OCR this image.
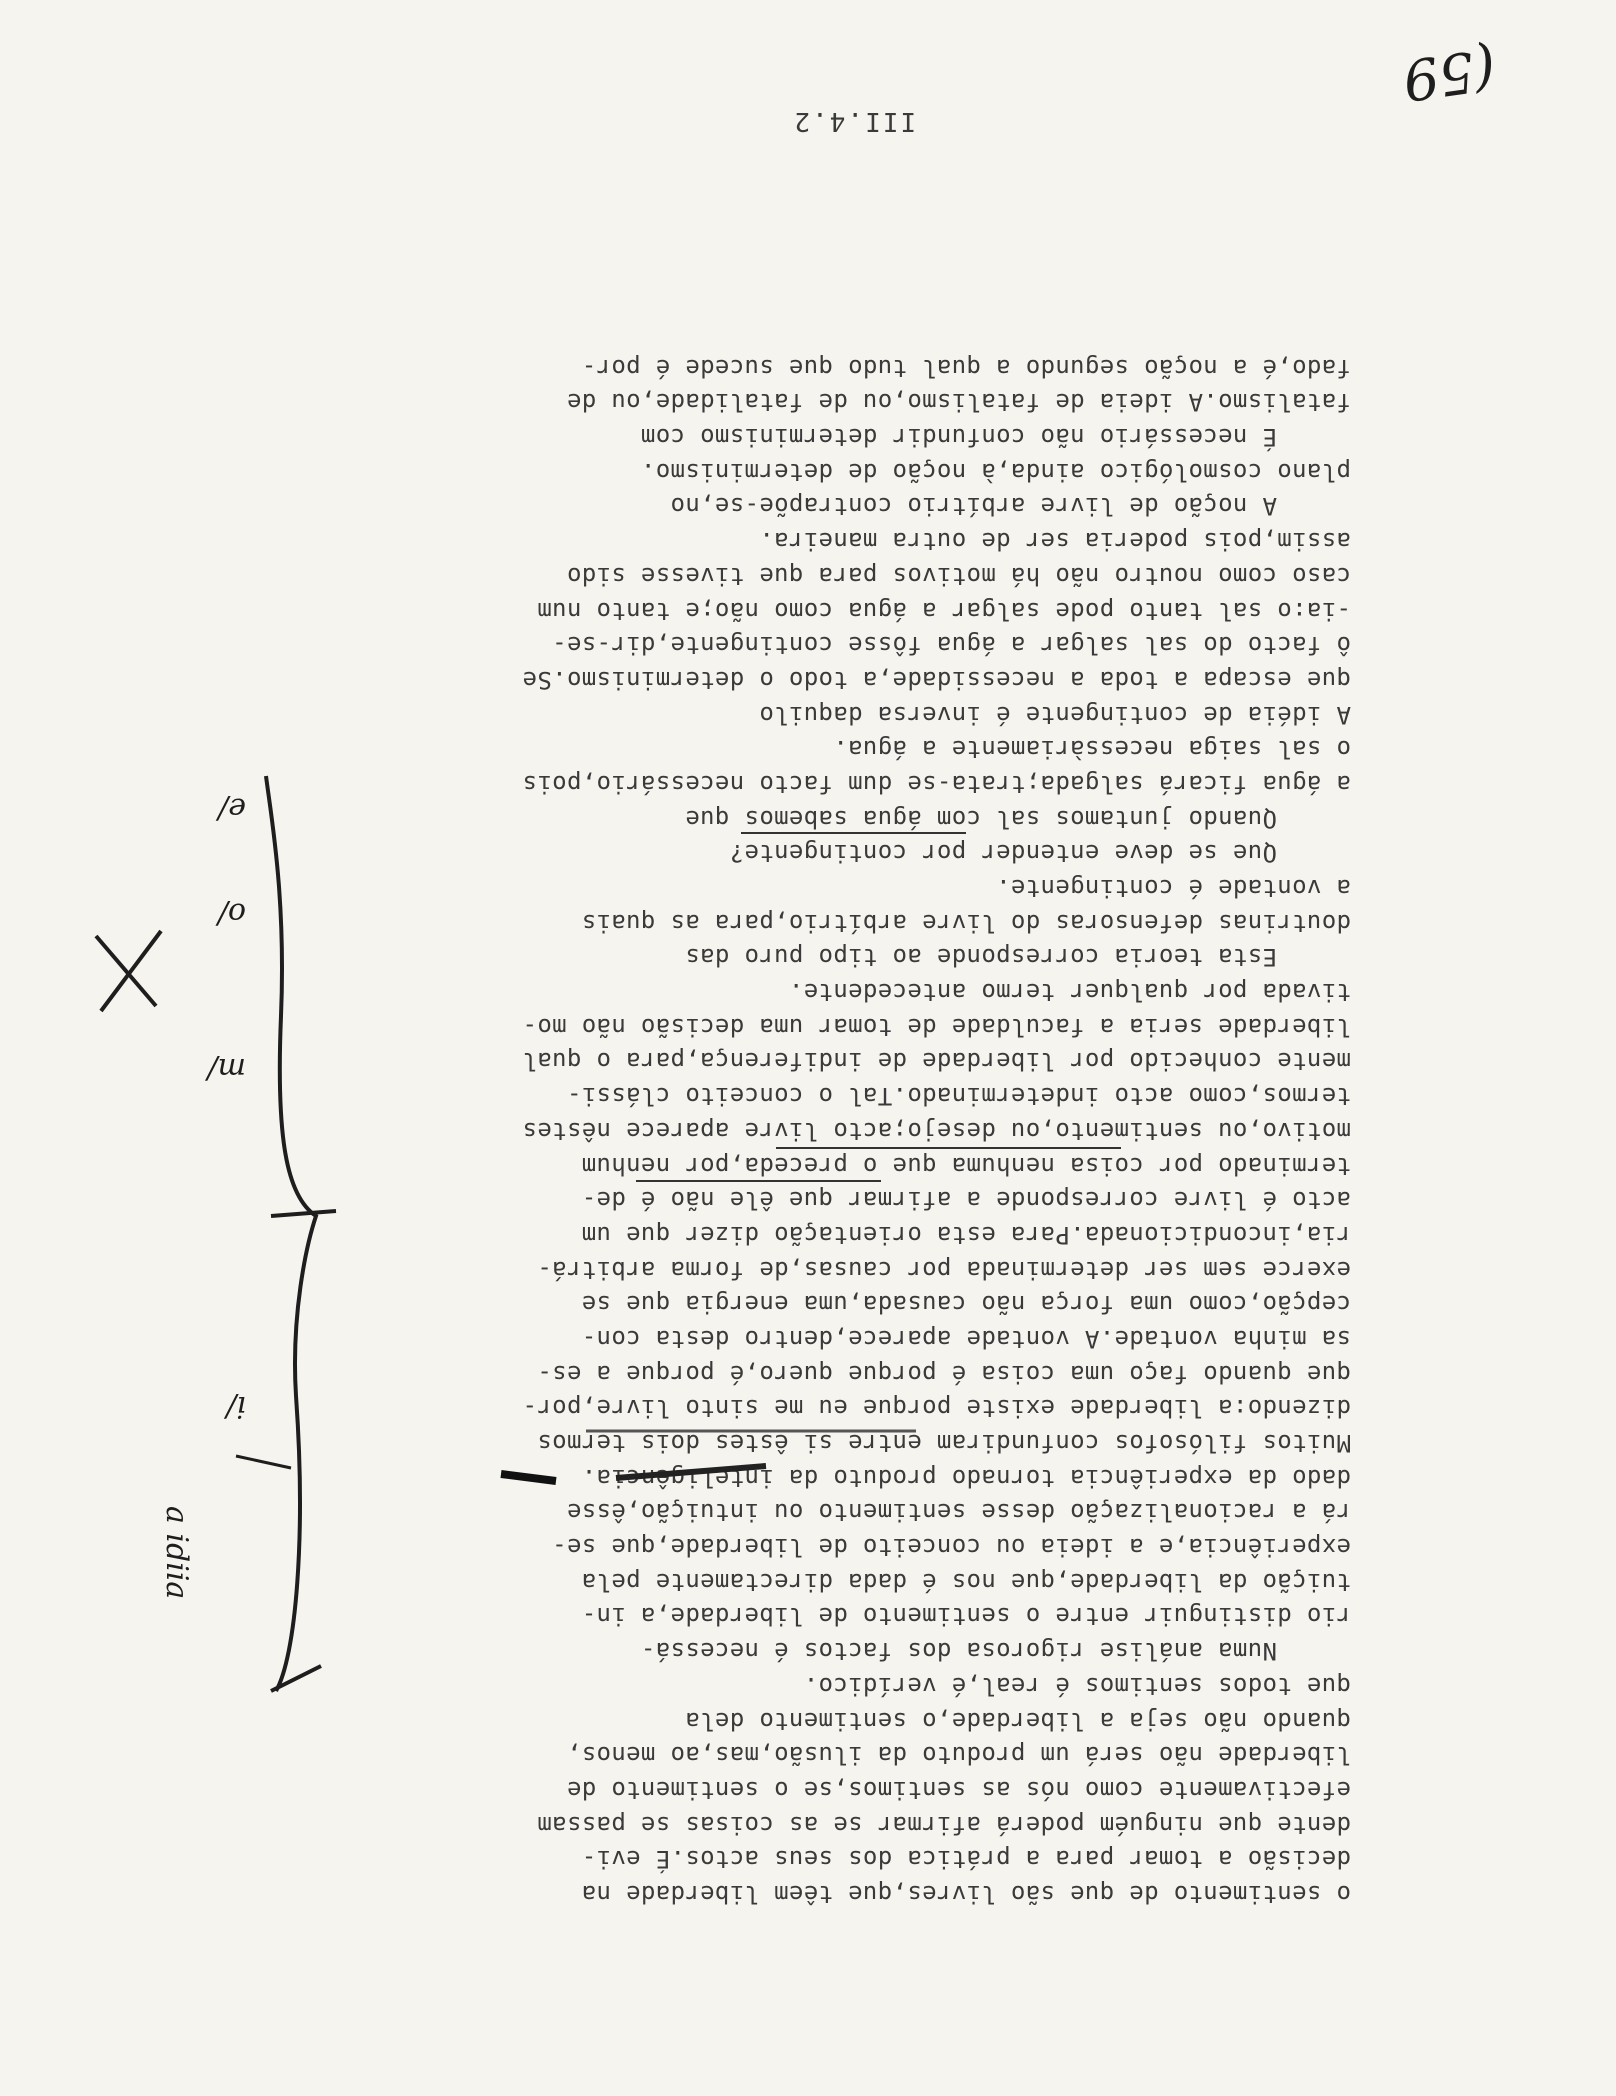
o sentimento de que são livres,que têem liberdade na
decisão a tomar para a prática dos seus actos.É evi-
dente que ninguém poderá afirmar se as coisas se passam
efectivamente como nós as sentimos,se o sentimento de
liberdade não será um produto da ilusão,mas,ao menos,
quando não seja a liberdade,o sentimento dela
que todos sentimos é real,é verídico.
Numa análise rigorosa dos factos é necessá-
rio distinguir entre o sentimento de liberdade,a in-
tuição da liberdade,que nos é dada directamente pela
experiência,e a ideia ou conceito de liberdade,que se-
rá a racionalização desse sentimento ou intuição,êsse
dado da experiência tornado produto da inteligência.
Muitos filósofos confundiram entre si êstes dois termos
dizendo:a liberdade existe porque eu me sinto livre,por-
que quando faço uma coisa é porque quero,é porque a es-
sa minha vontade.A vontade aparece,dentro desta con-
cepção,como uma força não causada,uma energia que se
exerce sem ser determinada por causas,de forma arbitrá-
ria,incondicionada.Para esta orientação dizer que um
acto é livre corresponde a afirmar que êle não é de-
terminado por coisa nenhuma que o preceda,por nenhum
motivo,ou sentimento,ou desejo;acto livre aparece nêstes
termos,como acto indeterminado.Tal o conceito clássi-
mente conhecido por liberdade de indiferença,para o qual
liberdade seria a faculdade de tomar uma decisão não mo-
tivada por qualquer termo antecedente.
Esta teoria corresponde ao tipo puro das
doutrinas defensoras do livre arbítrio,para as quais
a vontade é contingente.
Que se deve entender por contingente?
Quando juntamos sal com água sabemos que
a água ficará salgada;trata-se dum facto necessário,pois
o sal saiga necessàriamente a água.
A idéia de contingente é inversa daquilo
que escapa a toda a necessidade,a todo o determinismo.Se
ô facto do sal salgar a água fôsse contingente,dir-se-
-ia:o sal tanto pode salgar a água como não;e tanto num
caso como noutro não há motivos para que tivesse sido
assim,pois poderia ser de outra maneira.
A noção de livre arbítrio contrapõe-se,no
plano cosmológico ainda,à noção de determinismo.
É necessário não confundir determinismo com
fatalismo.A ideia de fatalismo,ou de fatalidade,ou de
fado,é a noção segundo a qual tudo que sucede é por-
III.4.2
(59
a idiia
i/
m/
o/
e/
